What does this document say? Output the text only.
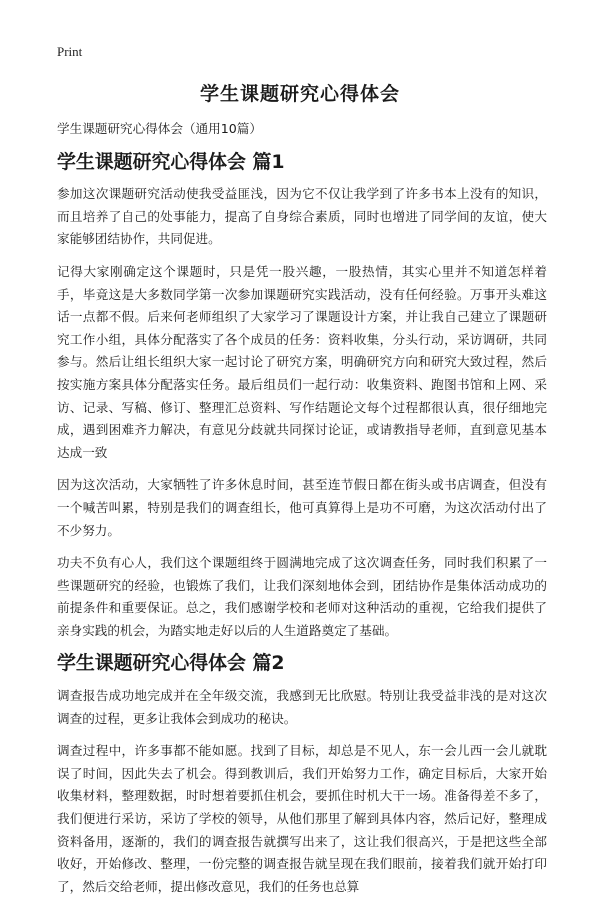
Print
学生课题研究心得体会

学生课题研究心得体会（通用10篇）

学生课题研究心得体会 篇1

参加这次课题研究活动使我受益匪浅，因为它不仅让我学到了许多书本上没有的知识，而且培养了自己的处事能力，提高了自身综合素质，同时也增进了同学间的友谊，使大家能够团结协作，共同促进。

记得大家刚确定这个课题时，只是凭一股兴趣，一股热情，其实心里并不知道怎样着手，毕竟这是大多数同学第一次参加课题研究实践活动，没有任何经验。万事开头难这话一点都不假。后来何老师组织了大家学习了课题设计方案，并让我自己建立了课题研究工作小组，具体分配落实了各个成员的任务：资料收集，分头行动，采访调研，共同参与。然后让组长组织大家一起讨论了研究方案，明确研究方向和研究大致过程，然后按实施方案具体分配落实任务。最后组员们一起行动：收集资料、跑图书馆和上网、采访、记录、写稿、修订、整理汇总资料、写作结题论文每个过程都很认真，很仔细地完成，遇到困难齐力解决，有意见分歧就共同探讨论证，或请教指导老师，直到意见基本达成一致

因为这次活动，大家牺牲了许多休息时间，甚至连节假日都在街头或书店调查，但没有一个喊苦叫累，特别是我们的调查组长，他可真算得上是功不可磨，为这次活动付出了不少努力。

功夫不负有心人，我们这个课题组终于圆满地完成了这次调查任务，同时我们积累了一些课题研究的经验，也锻炼了我们，让我们深刻地体会到，团结协作是集体活动成功的前提条件和重要保证。总之，我们感谢学校和老师对这种活动的重视，它给我们提供了亲身实践的机会，为踏实地走好以后的人生道路奠定了基础。

学生课题研究心得体会 篇2

调查报告成功地完成并在全年级交流，我感到无比欣慰。特别让我受益非浅的是对这次调查的过程，更多让我体会到成功的秘诀。

调查过程中，许多事都不能如愿。找到了目标，却总是不见人，东一会儿西一会儿就耽误了时间，因此失去了机会。得到教训后，我们开始努力工作，确定目标后，大家开始收集材料，整理数据，时时想着要抓住机会，要抓住时机大干一场。准备得差不多了，我们便进行采访，采访了学校的领导，从他们那里了解到具体内容，然后记好，整理成资料备用，逐渐的，我们的调查报告就撰写出来了，这让我们很高兴，于是把这些全部收好，开始修改、整理，一份完整的调查报告就呈现在我们眼前，接着我们就开始打印了，然后交给老师，提出修改意见，我们的任务也总算
